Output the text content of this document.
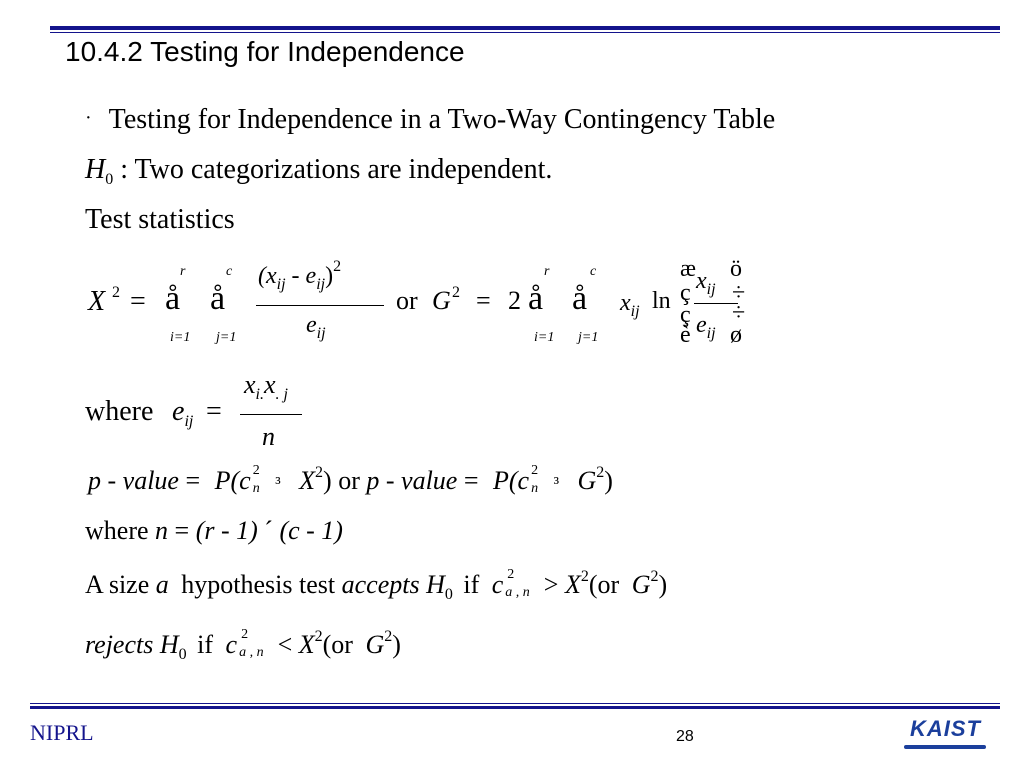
10.4.2 Testing for Independence
· Testing for Independence in a Two-Way Contingency Table
$H_0$ : Two categorizations are independent.
Test statistics
X 2 =
r
å
i=1
c
å
j=1
$(x_{ij} - e_{ij})^2$
$e_{ij}$
or G 2 = 2
r
å
i=1
c
å
j=1
$x_{ij}$ ln
æ
ç
ç
è
$x_{ij}$
$e_{ij}$
ö
÷
÷
ø
where $e_{ij}$ =
$x_{i.}x_{. j}$
n
p - value = P(c 2
n ³ $X^2$) or p - value = P(c 2
n ³ $G^2$)
where n = (r - 1) ´ (c - 1)
A size a hypothesis test accepts $H_0$ if c 2
a , $n > X^2(or$ $G^2$)
rejects $H_0$ if c 2
a , $n < X^2(or$ $G^2$)
NIPRL	28	KAIST
